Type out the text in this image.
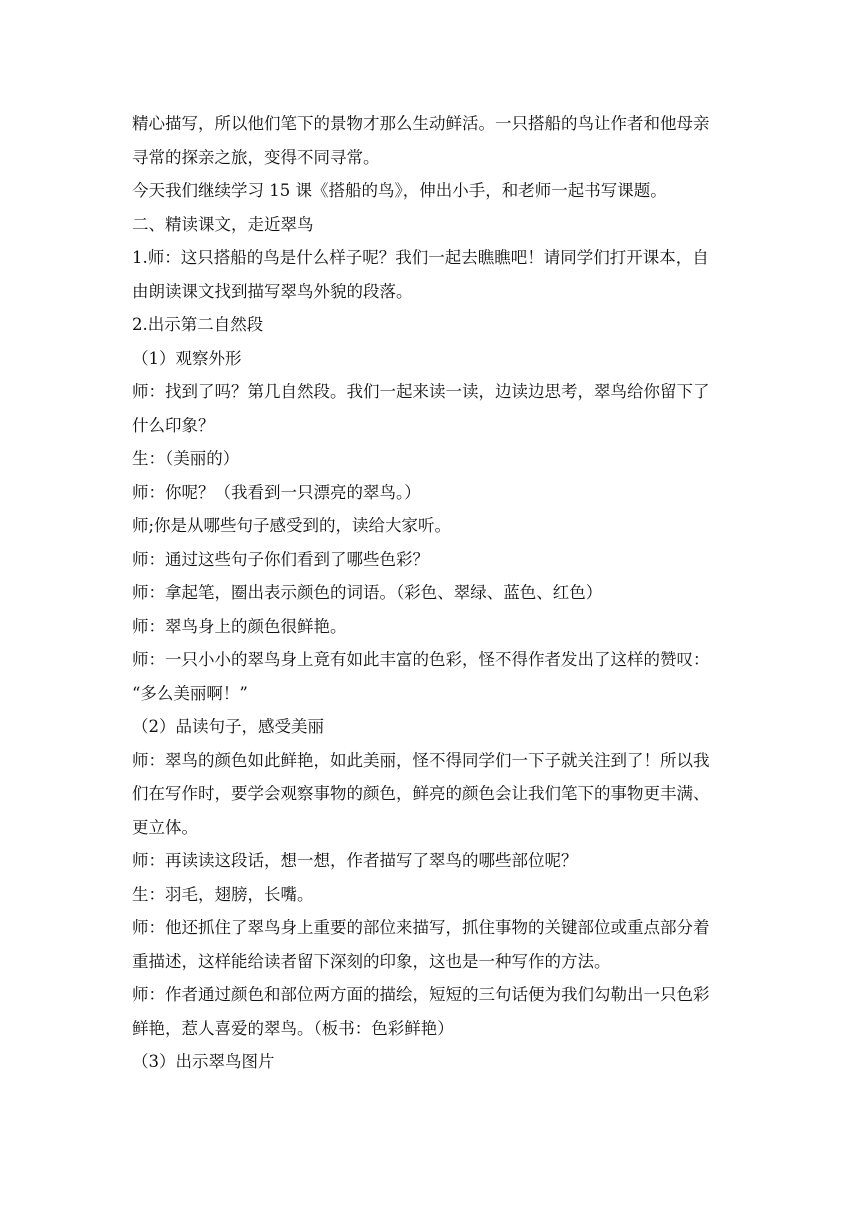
精心描写，所以他们笔下的景物才那么生动鲜活。一只搭船的鸟让作者和他母亲
寻常的探亲之旅，变得不同寻常。
今天我们继续学习 15 课《搭船的鸟》，伸出小手，和老师一起书写课题。
二、精读课文，走近翠鸟
1.师：这只搭船的鸟是什么样子呢？我们一起去瞧瞧吧！请同学们打开课本，自
由朗读课文找到描写翠鸟外貌的段落。
2.出示第二自然段
（1）观察外形
师：找到了吗？第几自然段。我们一起来读一读，边读边思考，翠鸟给你留下了
什么印象？
生：（美丽的）
师：你呢？（我看到一只漂亮的翠鸟。）
师;你是从哪些句子感受到的，读给大家听。
师：通过这些句子你们看到了哪些色彩？
师：拿起笔，圈出表示颜色的词语。（彩色、翠绿、蓝色、红色）
师：翠鸟身上的颜色很鲜艳。
师：一只小小的翠鸟身上竟有如此丰富的色彩，怪不得作者发出了这样的赞叹：
“多么美丽啊！”
（2）品读句子，感受美丽
师：翠鸟的颜色如此鲜艳，如此美丽，怪不得同学们一下子就关注到了！所以我
们在写作时，要学会观察事物的颜色，鲜亮的颜色会让我们笔下的事物更丰满、
更立体。
师：再读读这段话，想一想，作者描写了翠鸟的哪些部位呢？
生：羽毛，翅膀，长嘴。
师：他还抓住了翠鸟身上重要的部位来描写，抓住事物的关键部位或重点部分着
重描述，这样能给读者留下深刻的印象，这也是一种写作的方法。
师：作者通过颜色和部位两方面的描绘，短短的三句话便为我们勾勒出一只色彩
鲜艳，惹人喜爱的翠鸟。（板书：色彩鲜艳）
（3）出示翠鸟图片
